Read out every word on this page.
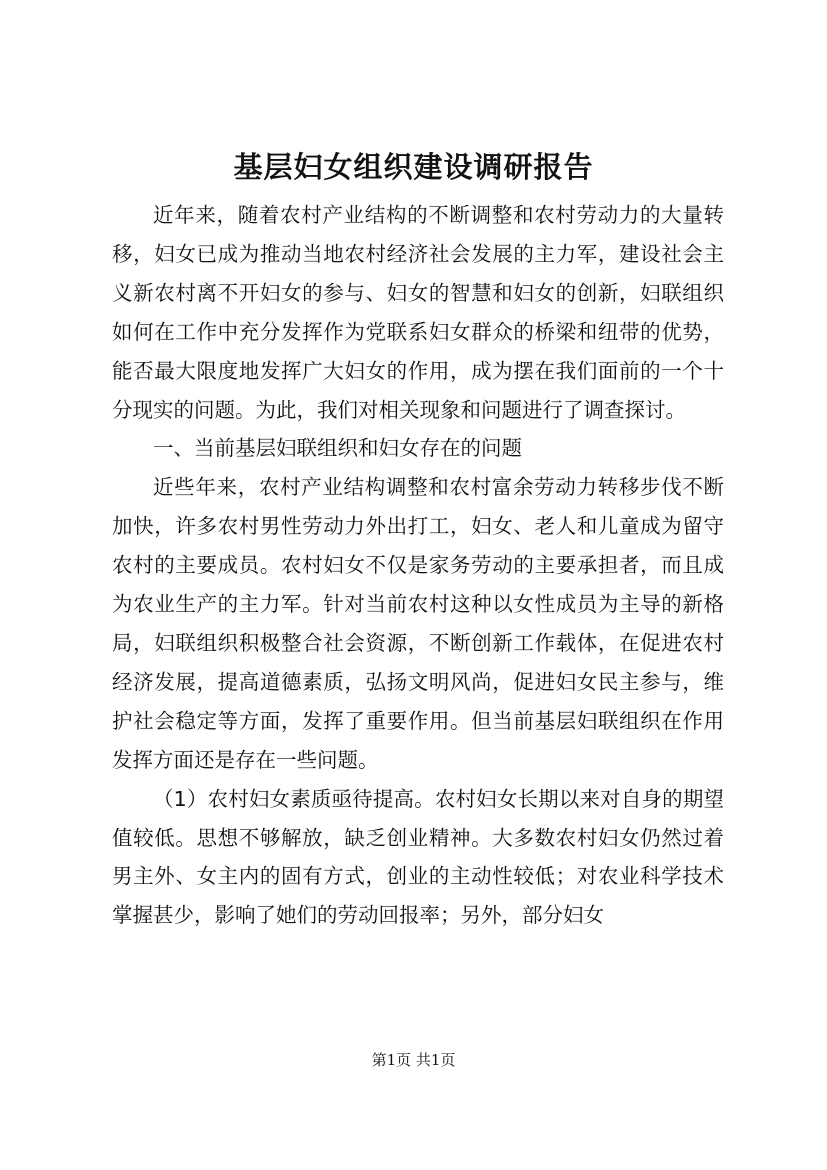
基层妇女组织建设调研报告

近年来，随着农村产业结构的不断调整和农村劳动力的大量转移，妇女已成为推动当地农村经济社会发展的主力军，建设社会主义新农村离不开妇女的参与、妇女的智慧和妇女的创新，妇联组织如何在工作中充分发挥作为党联系妇女群众的桥梁和纽带的优势，能否最大限度地发挥广大妇女的作用，成为摆在我们面前的一个十分现实的问题。为此，我们对相关现象和问题进行了调查探讨。

一、当前基层妇联组织和妇女存在的问题

近些年来，农村产业结构调整和农村富余劳动力转移步伐不断加快，许多农村男性劳动力外出打工，妇女、老人和儿童成为留守农村的主要成员。农村妇女不仅是家务劳动的主要承担者，而且成为农业生产的主力军。针对当前农村这种以女性成员为主导的新格局，妇联组织积极整合社会资源，不断创新工作载体，在促进农村经济发展，提高道德素质，弘扬文明风尚，促进妇女民主参与，维护社会稳定等方面，发挥了重要作用。但当前基层妇联组织在作用发挥方面还是存在一些问题。

（1）农村妇女素质亟待提高。农村妇女长期以来对自身的期望值较低。思想不够解放，缺乏创业精神。大多数农村妇女仍然过着男主外、女主内的固有方式，创业的主动性较低；对农业科学技术掌握甚少，影响了她们的劳动回报率；另外，部分妇女

第1页 共1页
